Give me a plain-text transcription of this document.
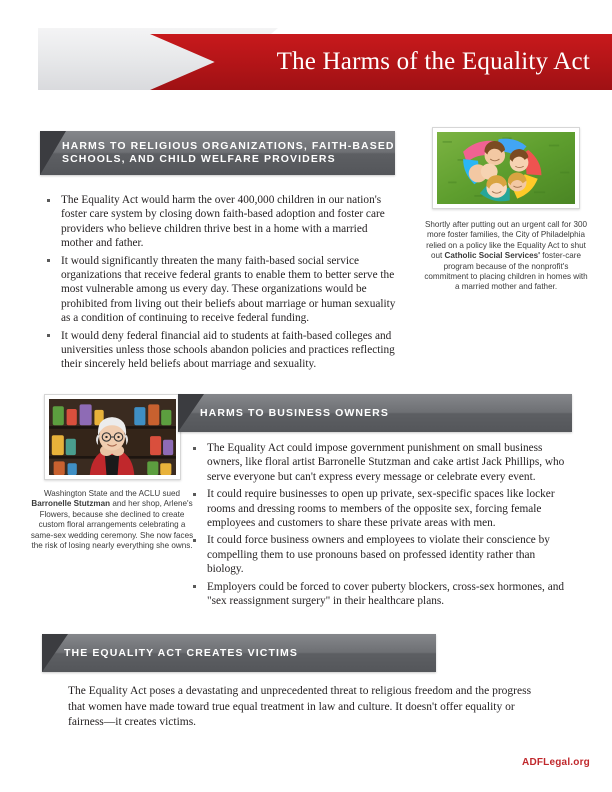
The Harms of the Equality Act
HARMS TO RELIGIOUS ORGANIZATIONS, FAITH-BASED SCHOOLS, AND CHILD WELFARE PROVIDERS
The Equality Act would harm the over 400,000 children in our nation's foster care system by closing down faith-based adoption and foster care providers who believe children thrive best in a home with a married mother and father.
It would significantly threaten the many faith-based social service organizations that receive federal grants to enable them to better serve the most vulnerable among us every day. These organizations would be prohibited from living out their beliefs about marriage or human sexuality as a condition of continuing to receive federal funding.
It would deny federal financial aid to students at faith-based colleges and universities unless those schools abandon policies and practices reflecting their sincerely held beliefs about marriage and sexuality.
Shortly after putting out an urgent call for 300 more foster families, the City of Philadelphia relied on a policy like the Equality Act to shut out Catholic Social Services' foster-care program because of the nonprofit's commitment to placing children in homes with a married mother and father.
Washington State and the ACLU sued Barronelle Stutzman and her shop, Arlene's Flowers, because she declined to create custom floral arrangements celebrating a same-sex wedding ceremony. She now faces the risk of losing nearly everything she owns.
HARMS TO BUSINESS OWNERS
The Equality Act could impose government punishment on small business owners, like floral artist Barronelle Stutzman and cake artist Jack Phillips, who serve everyone but can't express every message or celebrate every event.
It could require businesses to open up private, sex-specific spaces like locker rooms and dressing rooms to members of the opposite sex, forcing female employees and customers to share these private areas with men.
It could force business owners and employees to violate their conscience by compelling them to use pronouns based on professed identity rather than biology.
Employers could be forced to cover puberty blockers, cross-sex hormones, and "sex reassignment surgery" in their healthcare plans.
THE EQUALITY ACT CREATES VICTIMS
The Equality Act poses a devastating and unprecedented threat to religious freedom and the progress that women have made toward true equal treatment in law and culture. It doesn't offer equality or fairness—it creates victims.
ADFLegal.org
